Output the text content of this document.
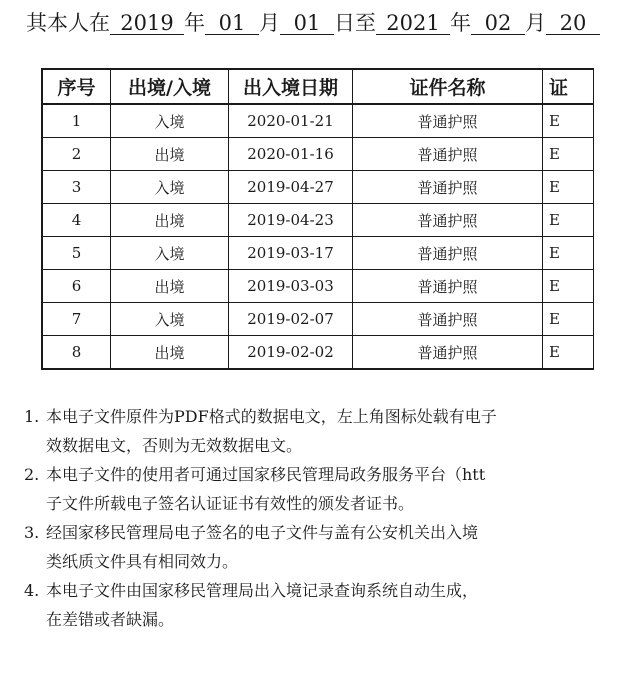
其本人在 2019 年 01 月 01 日至 2021 年 02 月 20
序号	出境/入境	出入境日期	证件名称	证
1	入境	2020-01-21	普通护照	E
2	出境	2020-01-16	普通护照	E
3	入境	2019-04-27	普通护照	E
4	出境	2019-04-23	普通护照	E
5	入境	2019-03-17	普通护照	E
6	出境	2019-03-03	普通护照	E
7	入境	2019-02-07	普通护照	E
8	出境	2019-02-02	普通护照	E
1. 本电子文件原件为PDF格式的数据电文，左上角图标处载有电子
效数据电文，否则为无效数据电文。
2. 本电子文件的使用者可通过国家移民管理局政务服务平台（htt
子文件所载电子签名认证证书有效性的颁发者证书。
3. 经国家移民管理局电子签名的电子文件与盖有公安机关出入境
类纸质文件具有相同效力。
4. 本电子文件由国家移民管理局出入境记录查询系统自动生成，
在差错或者缺漏。
